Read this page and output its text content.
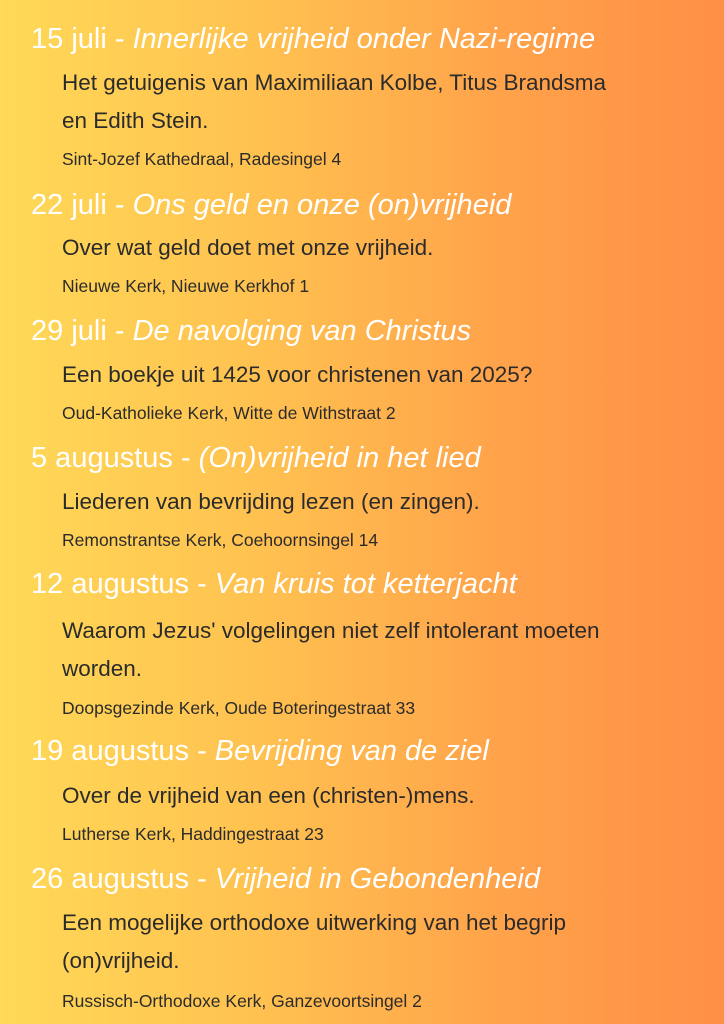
15 juli - Innerlijke vrijheid onder Nazi-regime
Het getuigenis van Maximiliaan Kolbe, Titus Brandsma en Edith Stein.
Sint-Jozef Kathedraal, Radesingel 4
22 juli - Ons geld en onze (on)vrijheid
Over wat geld doet met onze vrijheid.
Nieuwe Kerk, Nieuwe Kerkhof 1
29 juli - De navolging van Christus
Een boekje uit 1425 voor christenen van 2025?
Oud-Katholieke Kerk, Witte de Withstraat 2
5 augustus - (On)vrijheid in het lied
Liederen van bevrijding lezen (en zingen).
Remonstrantse Kerk, Coehoornsingel 14
12 augustus - Van kruis tot ketterjacht
Waarom Jezus' volgelingen niet zelf intolerant moeten worden.
Doopsgezinde Kerk, Oude Boteringestraat 33
19 augustus - Bevrijding van de ziel
Over de vrijheid van een (christen-)mens.
Lutherse Kerk, Haddingestraat 23
26 augustus - Vrijheid in Gebondenheid
Een mogelijke orthodoxe uitwerking van het begrip (on)vrijheid.
Russisch-Orthodoxe Kerk, Ganzevoortsingel 2
